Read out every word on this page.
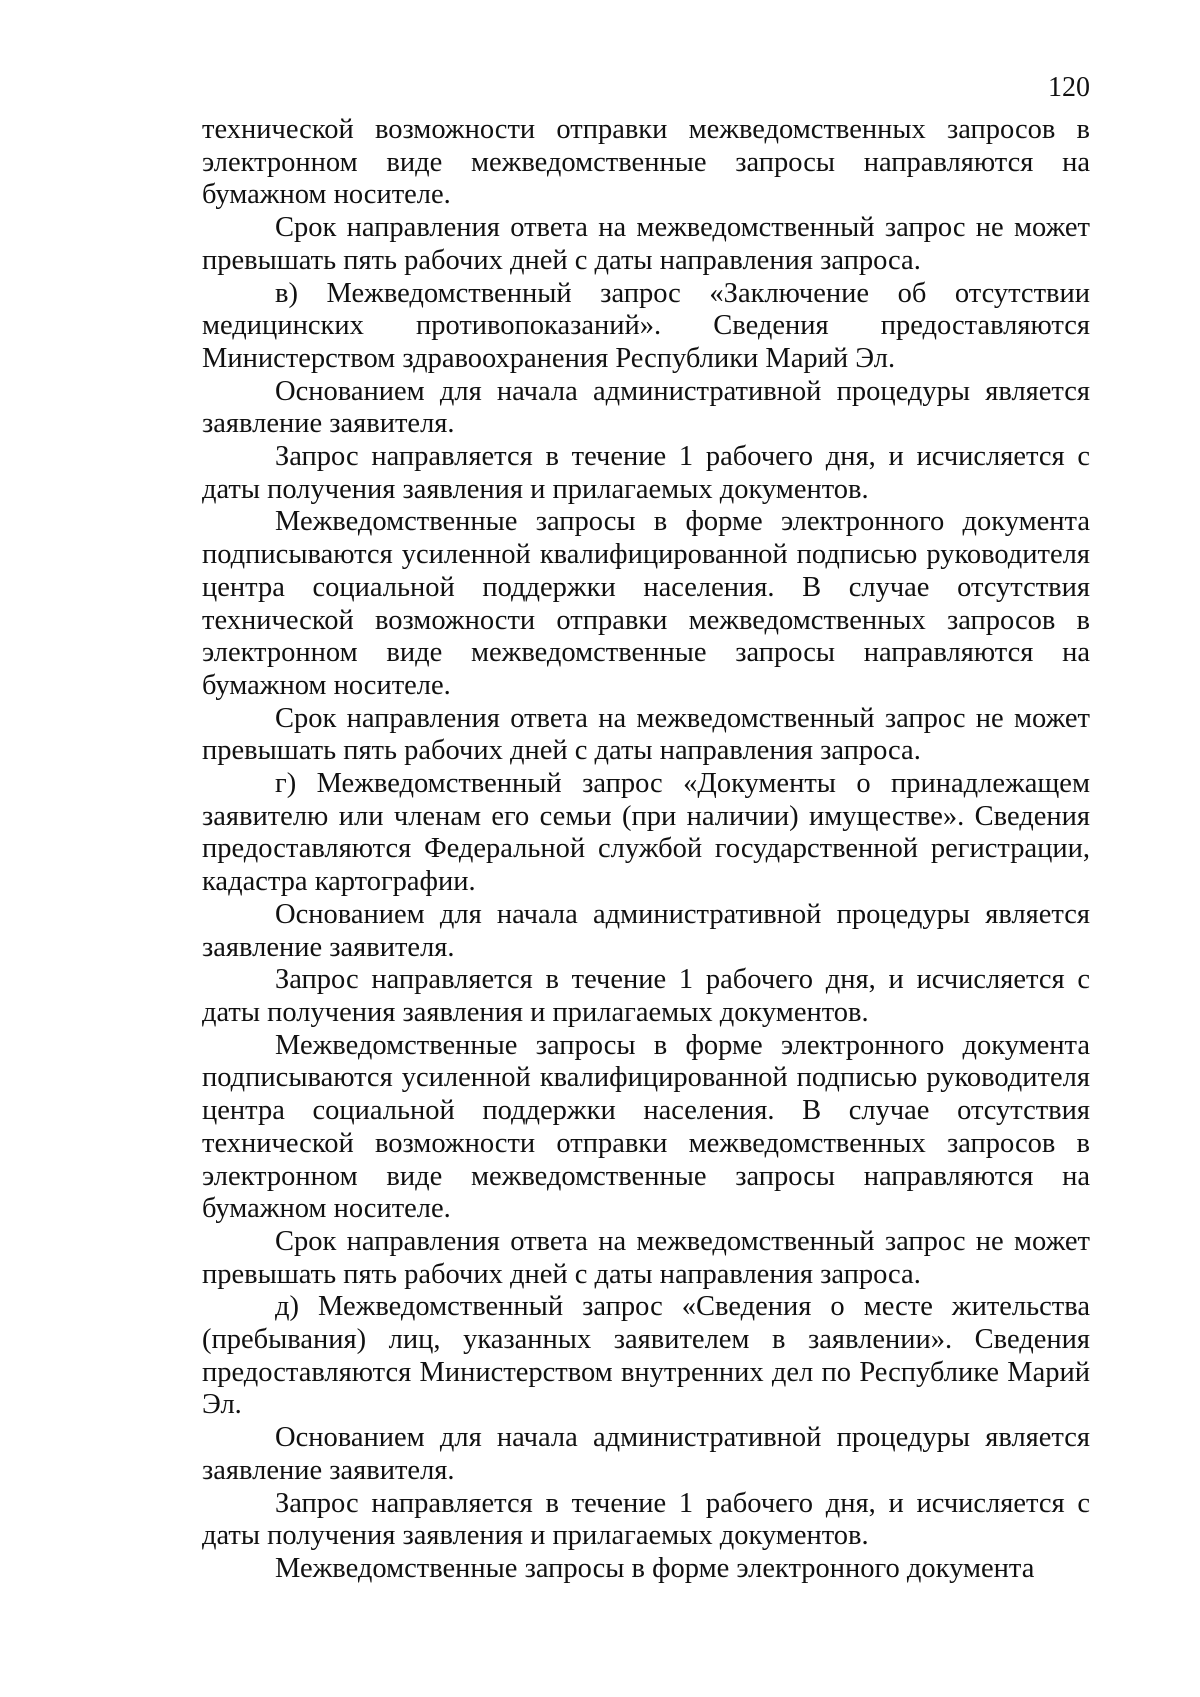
120

технической возможности отправки межведомственных запросов в электронном виде межведомственные запросы направляются на бумажном носителе.

Срок направления ответа на межведомственный запрос не может превышать пять рабочих дней с даты направления запроса.

в) Межведомственный запрос «Заключение об отсутствии медицинских противопоказаний». Сведения предоставляются Министерством здравоохранения Республики Марий Эл.

Основанием для начала административной процедуры является заявление заявителя.

Запрос направляется в течение 1 рабочего дня, и исчисляется с даты получения заявления и прилагаемых документов.

Межведомственные запросы в форме электронного документа подписываются усиленной квалифицированной подписью руководителя центра социальной поддержки населения. В случае отсутствия технической возможности отправки межведомственных запросов в электронном виде межведомственные запросы направляются на бумажном носителе.

Срок направления ответа на межведомственный запрос не может превышать пять рабочих дней с даты направления запроса.

г) Межведомственный запрос «Документы о принадлежащем заявителю или членам его семьи (при наличии) имуществе». Сведения предоставляются Федеральной службой государственной регистрации, кадастра картографии.

Основанием для начала административной процедуры является заявление заявителя.

Запрос направляется в течение 1 рабочего дня, и исчисляется с даты получения заявления и прилагаемых документов.

Межведомственные запросы в форме электронного документа подписываются усиленной квалифицированной подписью руководителя центра социальной поддержки населения. В случае отсутствия технической возможности отправки межведомственных запросов в электронном виде межведомственные запросы направляются на бумажном носителе.

Срок направления ответа на межведомственный запрос не может превышать пять рабочих дней с даты направления запроса.

д) Межведомственный запрос «Сведения о месте жительства (пребывания) лиц, указанных заявителем в заявлении». Сведения предоставляются Министерством внутренних дел по Республике Марий Эл.

Основанием для начала административной процедуры является заявление заявителя.

Запрос направляется в течение 1 рабочего дня, и исчисляется с даты получения заявления и прилагаемых документов.

Межведомственные запросы в форме электронного документа
